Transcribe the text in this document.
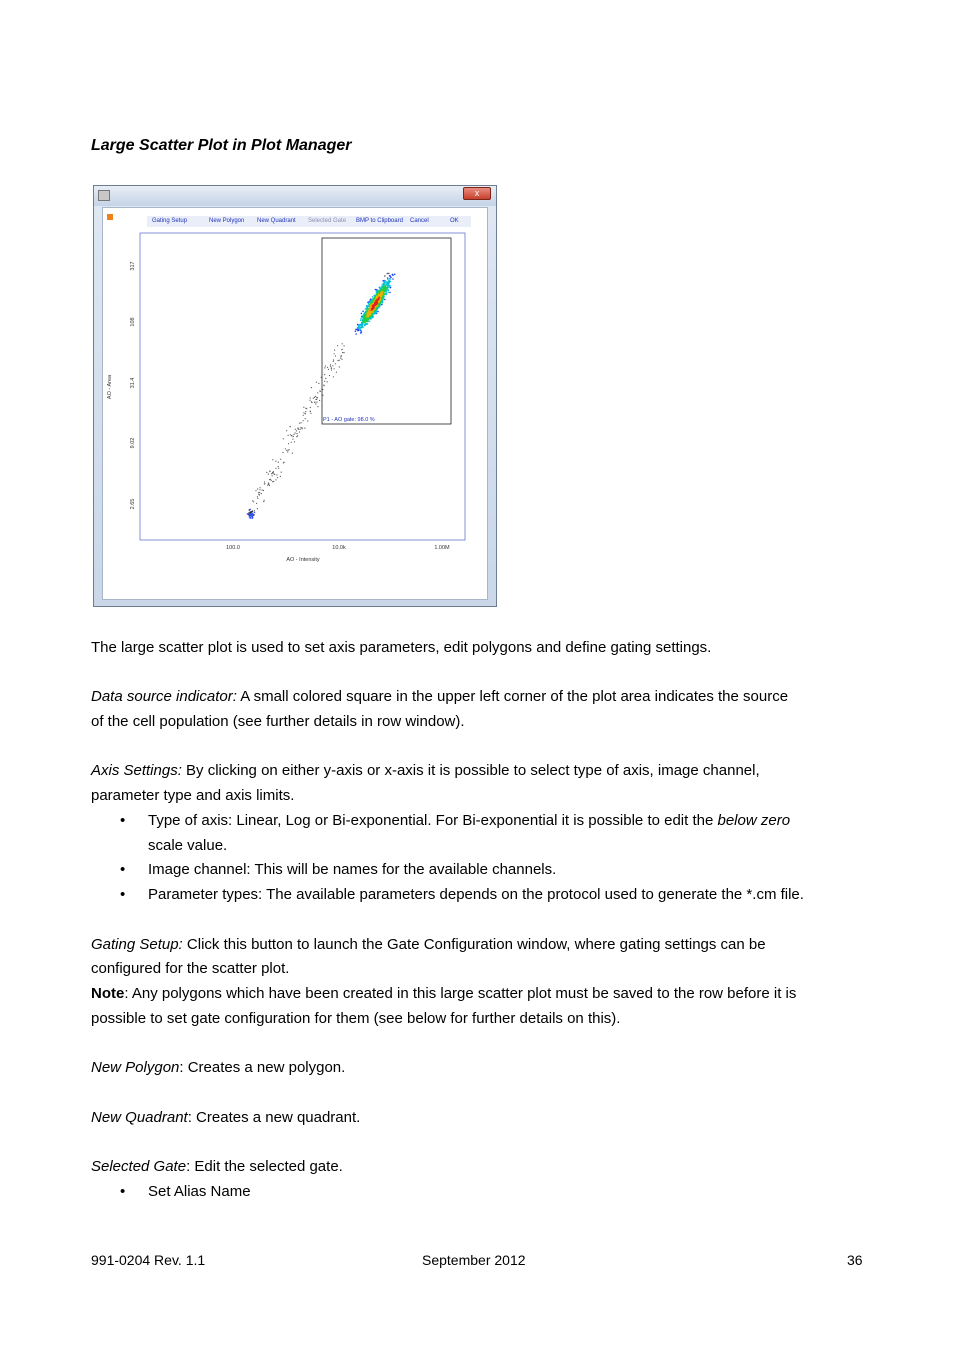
Large Scatter Plot in Plot Manager
x
Gating Setup	New Polygon New Quadrant Selected Gate BMP to Clipboard Cancel	OK
P1 - AO gate: 98.0 %
317
108
31.4
9.02
2.65
AO - Area
100.0	10.0k	1.00M
AO - Intensity

The large scatter plot is used to set axis parameters, edit polygons and define gating settings.

Data source indicator: A small colored square in the upper left corner of the plot area indicates the source

of the cell population (see further details in row window).

Axis Settings: By clicking on either y-axis or x-axis it is possible to select type of axis, image channel,

parameter type and axis limits.

• Type of axis: Linear, Log or Bi-exponential. For Bi-exponential it is possible to edit the below zero

scale value.

• Image channel: This will be names for the available channels.

• Parameter types: The available parameters depends on the protocol used to generate the *.cm file.

Gating Setup: Click this button to launch the Gate Configuration window, where gating settings can be

configured for the scatter plot.

Note: Any polygons which have been created in this large scatter plot must be saved to the row before it is

possible to set gate configuration for them (see below for further details on this).

New Polygon: Creates a new polygon.

New Quadrant: Creates a new quadrant.

Selected Gate: Edit the selected gate.

• Set Alias Name

991-0204 Rev. 1.1	September 2012	36
